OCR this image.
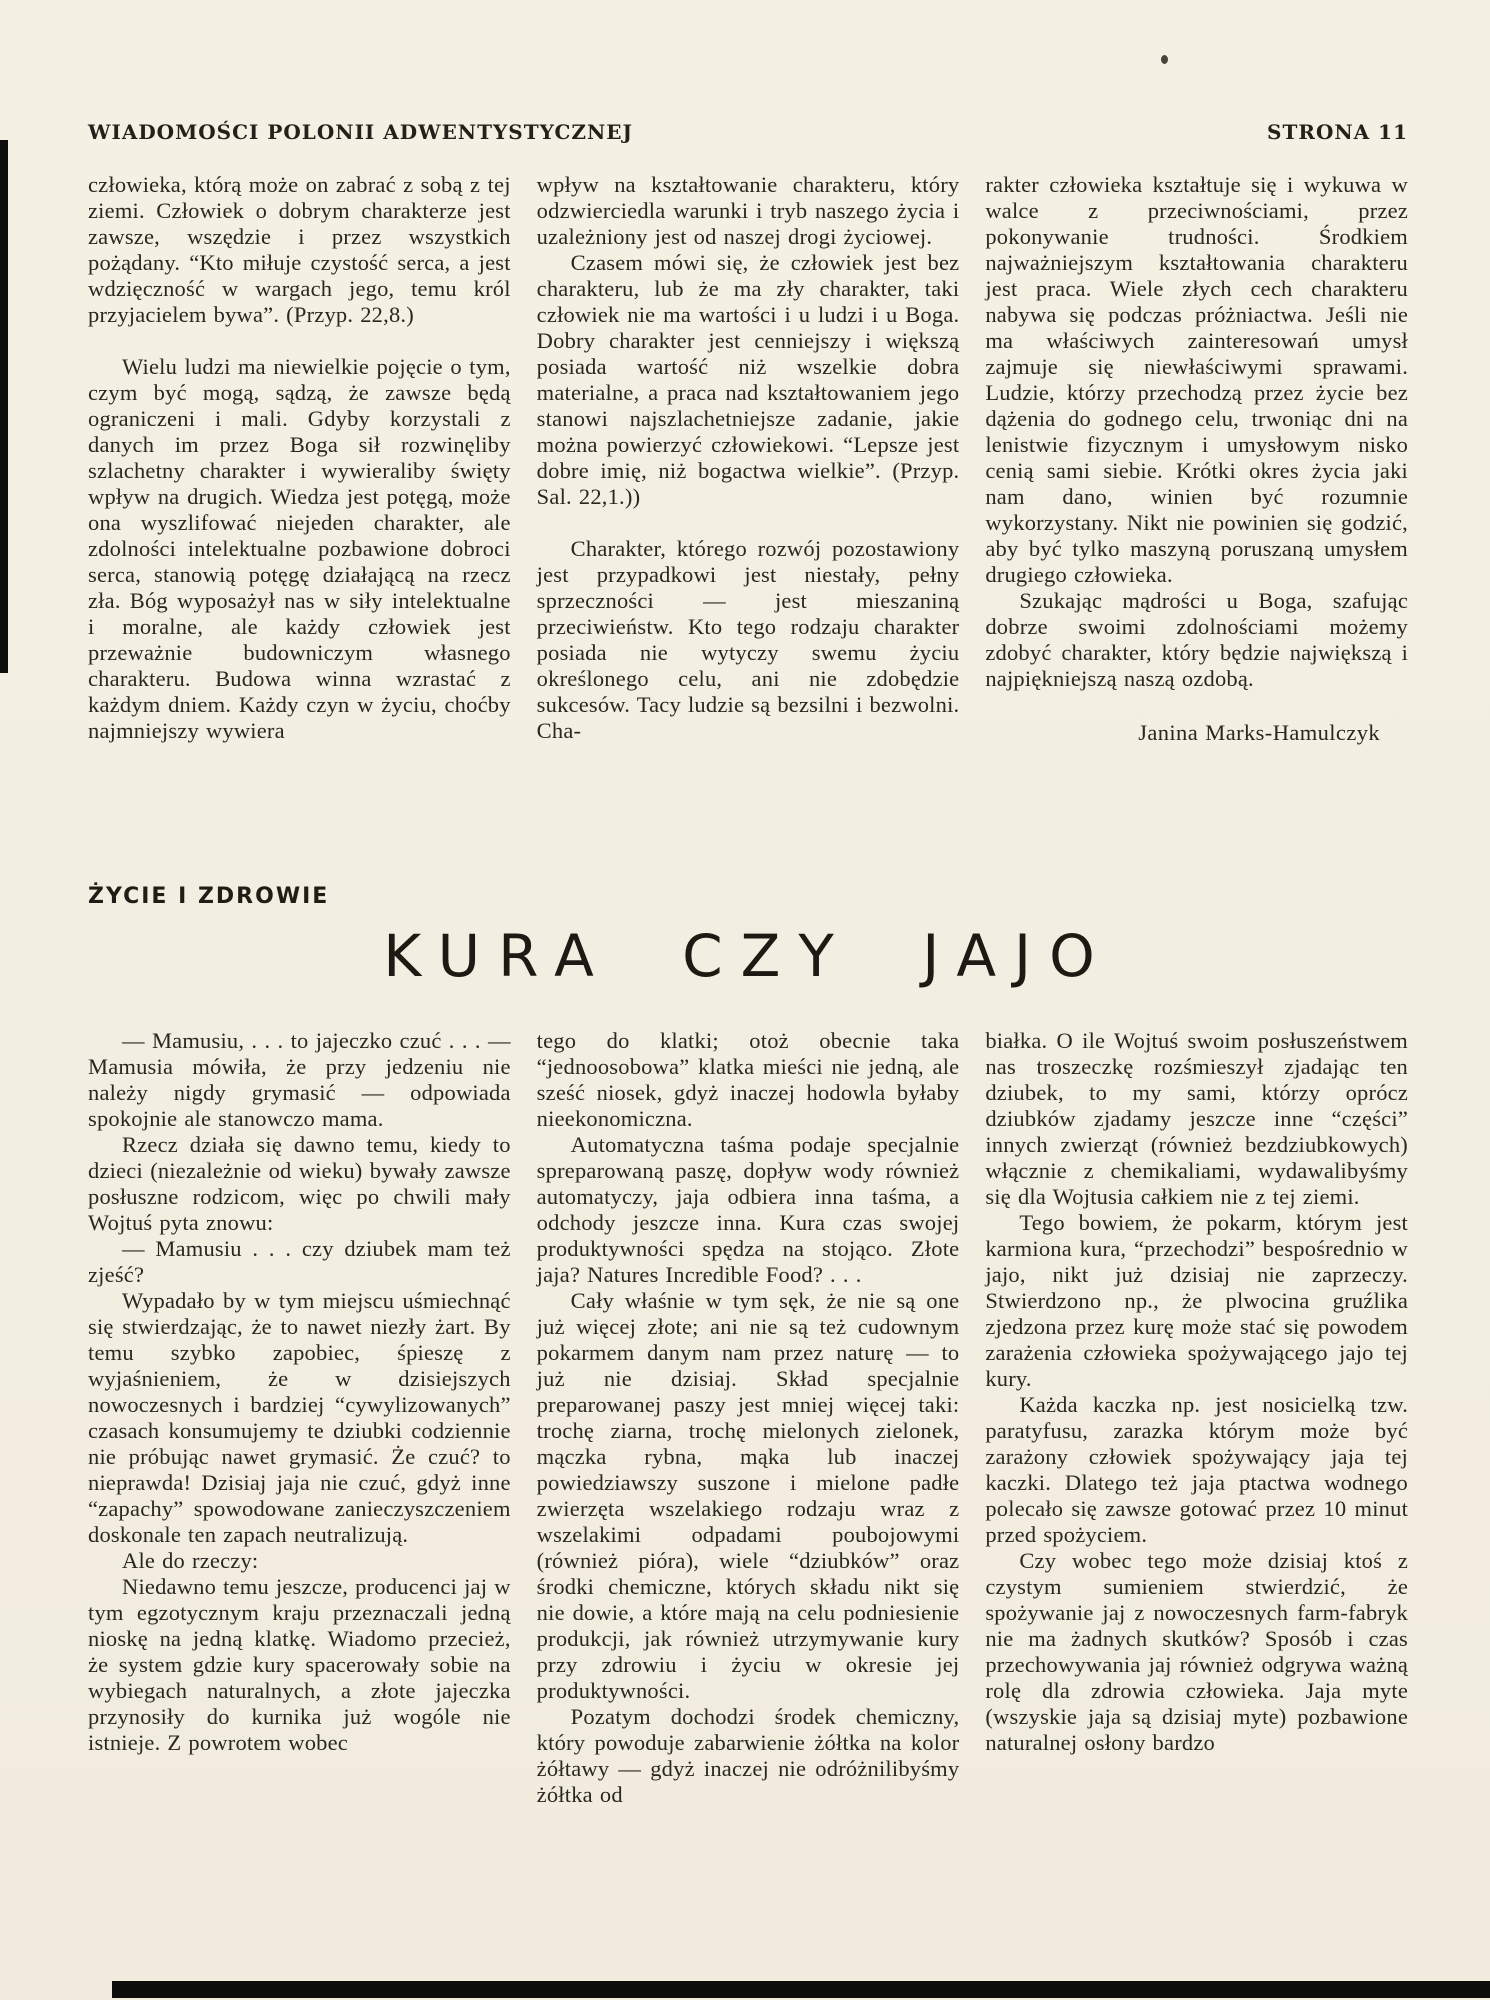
WIADOMOŚCI POLONII ADWENTYSTYCZNEJ	STRONA 11

człowieka, którą może on zabrać z sobą z tej ziemi. Człowiek o dobrym charakterze jest zawsze, wszędzie i przez wszystkich pożądany. “Kto miłuje czystość serca, a jest wdzięczność w wargach jego, temu król przyjacielem bywa”. (Przyp. 22,8.)

Wielu ludzi ma niewielkie pojęcie o tym, czym być mogą, sądzą, że zawsze będą ograniczeni i mali. Gdyby korzystali z danych im przez Boga sił rozwinęliby szlachetny charakter i wywieraliby święty wpływ na drugich. Wiedza jest potęgą, może ona wyszlifować niejeden charakter, ale zdolności intelektualne pozbawione dobroci serca, stanowią potęgę działającą na rzecz zła. Bóg wyposażył nas w siły intelektualne i moralne, ale każdy człowiek jest przeważnie budowniczym własnego charakteru. Budowa winna wzrastać z każdym dniem. Każdy czyn w życiu, choćby najmniejszy wywiera

wpływ na kształtowanie charakteru, który odzwierciedla warunki i tryb naszego życia i uzależniony jest od naszej drogi życiowej.

Czasem mówi się, że człowiek jest bez charakteru, lub że ma zły charakter, taki człowiek nie ma wartości i u ludzi i u Boga. Dobry charakter jest cenniejszy i większą posiada wartość niż wszelkie dobra materialne, a praca nad kształtowaniem jego stanowi najszlachetniejsze zadanie, jakie można powierzyć człowiekowi. “Lepsze jest dobre imię, niż bogactwa wielkie”. (Przyp. Sal. 22,1.))

Charakter, którego rozwój pozostawiony jest przypadkowi jest niestały, pełny sprzeczności — jest mieszaniną przeciwieństw. Kto tego rodzaju charakter posiada nie wytyczy swemu życiu określonego celu, ani nie zdobędzie sukcesów. Tacy ludzie są bezsilni i bezwolni. Cha-

rakter człowieka kształtuje się i wykuwa w walce z przeciwnościami, przez pokonywanie trudności. Środkiem najważniejszym kształtowania charakteru jest praca. Wiele złych cech charakteru nabywa się podczas próżniactwa. Jeśli nie ma właściwych zainteresowań umysł zajmuje się niewłaściwymi sprawami. Ludzie, którzy przechodzą przez życie bez dążenia do godnego celu, trwoniąc dni na lenistwie fizycznym i umysłowym nisko cenią sami siebie. Krótki okres życia jaki nam dano, winien być rozumnie wykorzystany. Nikt nie powinien się godzić, aby być tylko maszyną poruszaną umysłem drugiego człowieka.

Szukając mądrości u Boga, szafując dobrze swoimi zdolnościami możemy zdobyć charakter, który będzie największą i najpiękniejszą naszą ozdobą.

Janina Marks-Hamulczyk
ŻYCIE I ZDROWIE
KURA CZY JAJO

— Mamusiu, . . . to jajeczko czuć . . . — Mamusia mówiła, że przy jedzeniu nie należy nigdy grymasić — odpowiada spokojnie ale stanowczo mama.

Rzecz działa się dawno temu, kiedy to dzieci (niezależnie od wieku) bywały zawsze posłuszne rodzicom, więc po chwili mały Wojtuś pyta znowu:

— Mamusiu . . . czy dziubek mam też zjeść?

Wypadało by w tym miejscu uśmiechnąć się stwierdzając, że to nawet niezły żart. By temu szybko zapobiec, śpieszę z wyjaśnieniem, że w dzisiejszych nowoczesnych i bardziej “cywylizowanych” czasach konsumujemy te dziubki codziennie nie próbując nawet grymasić. Że czuć? to nieprawda! Dzisiaj jaja nie czuć, gdyż inne “zapachy” spowodowane zanieczyszczeniem doskonale ten zapach neutralizują.

Ale do rzeczy:

Niedawno temu jeszcze, producenci jaj w tym egzotycznym kraju przeznaczali jedną nioskę na jedną klatkę. Wiadomo przecież, że system gdzie kury spacerowały sobie na wybiegach naturalnych, a złote jajeczka przynosiły do kurnika już wogóle nie istnieje. Z powrotem wobec

tego do klatki; otoż obecnie taka “jednoosobowa” klatka mieści nie jedną, ale sześć niosek, gdyż inaczej hodowla byłaby nieekonomiczna.

Automatyczna taśma podaje specjalnie spreparowaną paszę, dopływ wody również automatyczy, jaja odbiera inna taśma, a odchody jeszcze inna. Kura czas swojej produktywności spędza na stojąco. Złote jaja? Natures Incredible Food? . . .

Cały właśnie w tym sęk, że nie są one już więcej złote; ani nie są też cudownym pokarmem danym nam przez naturę — to już nie dzisiaj. Skład specjalnie preparowanej paszy jest mniej więcej taki: trochę ziarna, trochę mielonych zielonek, mączka rybna, mąka lub inaczej powiedziawszy suszone i mielone padłe zwierzęta wszelakiego rodzaju wraz z wszelakimi odpadami poubojowymi (również pióra), wiele “dziubków” oraz środki chemiczne, których składu nikt się nie dowie, a które mają na celu podniesienie produkcji, jak również utrzymywanie kury przy zdrowiu i życiu w okresie jej produktywności.

Pozatym dochodzi środek chemiczny, który powoduje zabarwienie żółtka na kolor żółtawy — gdyż inaczej nie odróżnilibyśmy żółtka od

białka. O ile Wojtuś swoim posłuszeństwem nas troszeczkę rozśmieszył zjadając ten dziubek, to my sami, którzy oprócz dziubków zjadamy jeszcze inne “części” innych zwierząt (również bezdziubkowych) włącznie z chemikaliami, wydawalibyśmy się dla Wojtusia całkiem nie z tej ziemi.

Tego bowiem, że pokarm, którym jest karmiona kura, “przechodzi” bespośrednio w jajo, nikt już dzisiaj nie zaprzeczy. Stwierdzono np., że plwocina gruźlika zjedzona przez kurę może stać się powodem zarażenia człowieka spożywającego jajo tej kury.

Każda kaczka np. jest nosicielką tzw. paratyfusu, zarazka którym może być zarażony człowiek spożywający jaja tej kaczki. Dlatego też jaja ptactwa wodnego polecało się zawsze gotować przez 10 minut przed spożyciem.

Czy wobec tego może dzisiaj ktoś z czystym sumieniem stwierdzić, że spożywanie jaj z nowoczesnych farm-fabryk nie ma żadnych skutków? Sposób i czas przechowywania jaj również odgrywa ważną rolę dla zdrowia człowieka. Jaja myte (wszyskie jaja są dzisiaj myte) pozbawione naturalnej osłony bardzo
